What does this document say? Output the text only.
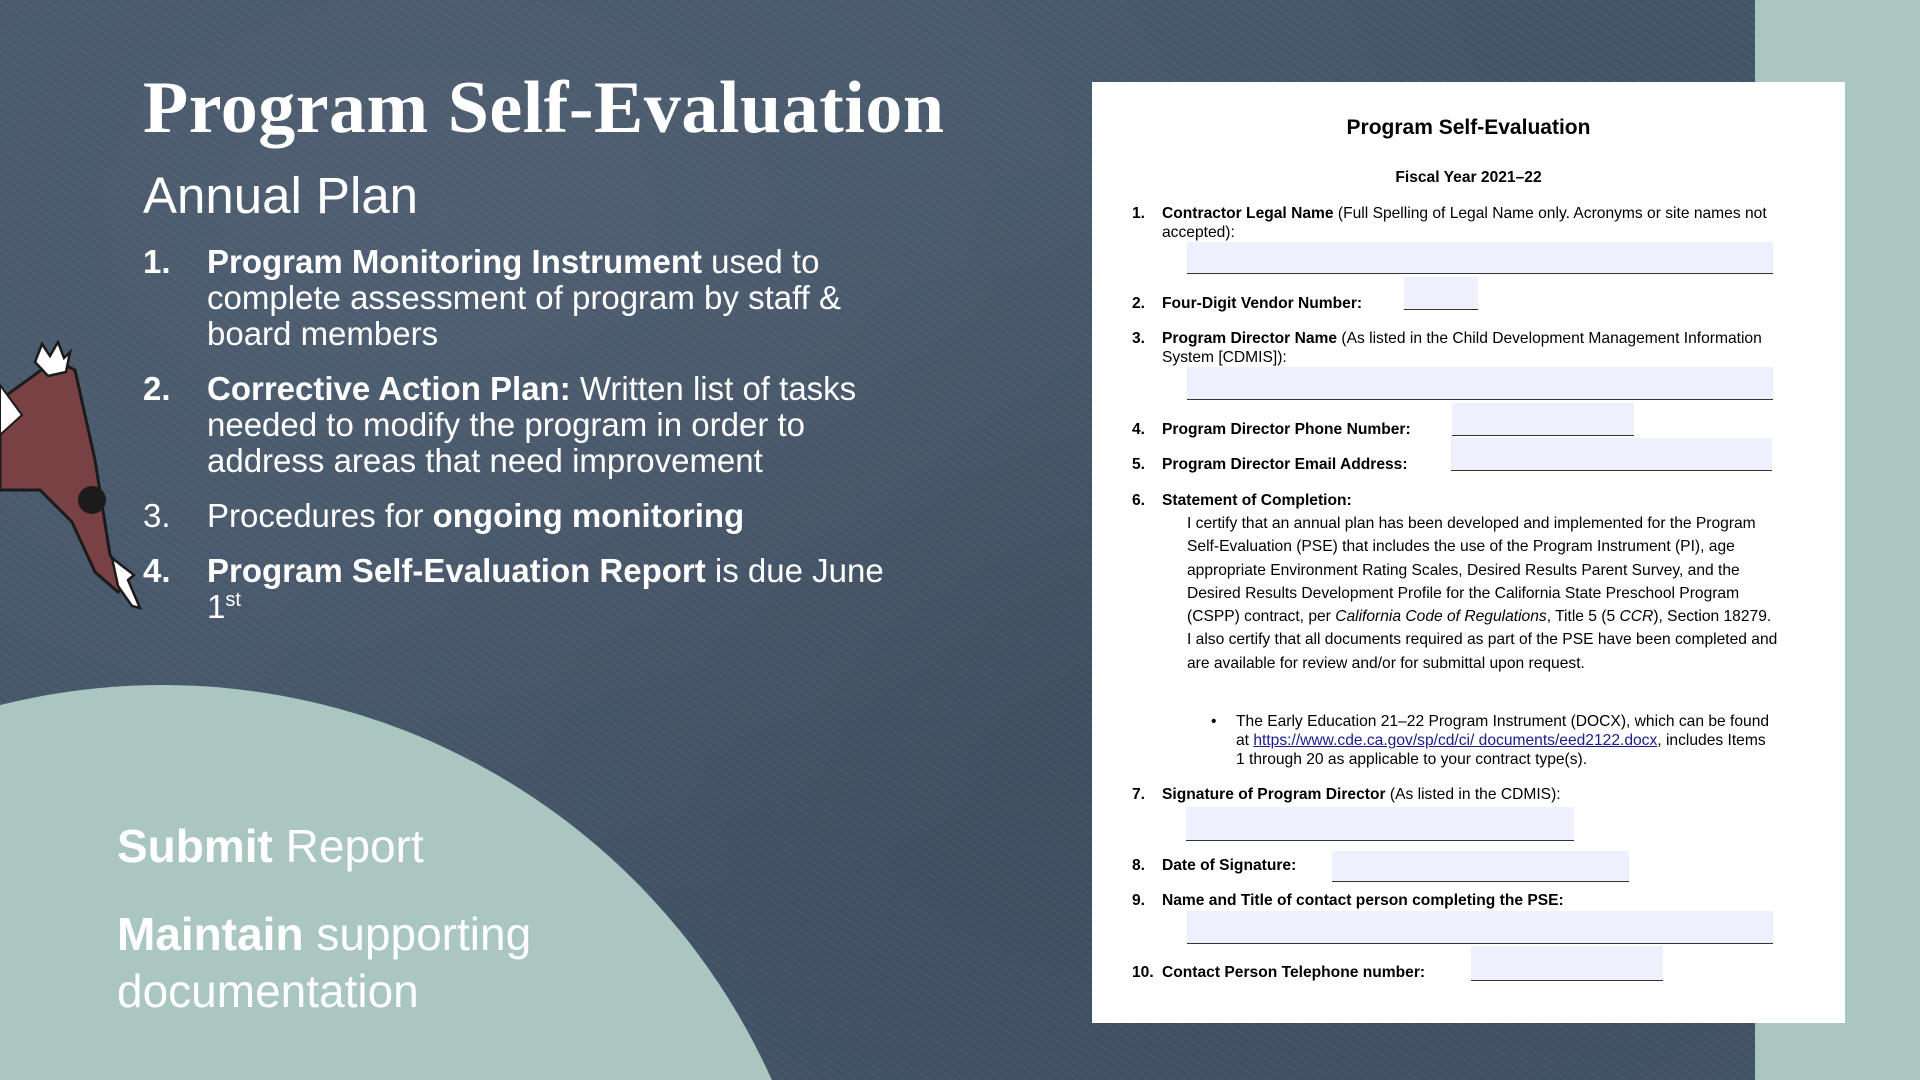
Program Self-Evaluation
Annual Plan
1. Program Monitoring Instrument used to complete assessment of program by staff & board members
2. Corrective Action Plan: Written list of tasks needed to modify the program in order to address areas that need improvement
3. Procedures for ongoing monitoring
4. Program Self-Evaluation Report is due June 1st
Submit Report
Maintain supporting documentation
Program Self-Evaluation
Fiscal Year 2021–22
1. Contractor Legal Name (Full Spelling of Legal Name only. Acronyms or site names not accepted):
2. Four-Digit Vendor Number:
3. Program Director Name (As listed in the Child Development Management Information System [CDMIS]):
4. Program Director Phone Number:
5. Program Director Email Address:
6. Statement of Completion:
7. Signature of Program Director (As listed in the CDMIS):
8. Date of Signature:
9. Name and Title of contact person completing the PSE:
10. Contact Person Telephone number:
I certify that an annual plan has been developed and implemented for the Program Self-Evaluation (PSE) that includes the use of the Program Instrument (PI), age appropriate Environment Rating Scales, Desired Results Parent Survey, and the Desired Results Development Profile for the California State Preschool Program (CSPP) contract, per California Code of Regulations, Title 5 (5 CCR), Section 18279.
I also certify that all documents required as part of the PSE have been completed and are available for review and/or for submittal upon request.
• The Early Education 21–22 Program Instrument (DOCX), which can be found at https://www.cde.ca.gov/sp/cd/ci/ documents/eed2122.docx, includes Items 1 through 20 as applicable to your contract type(s).
